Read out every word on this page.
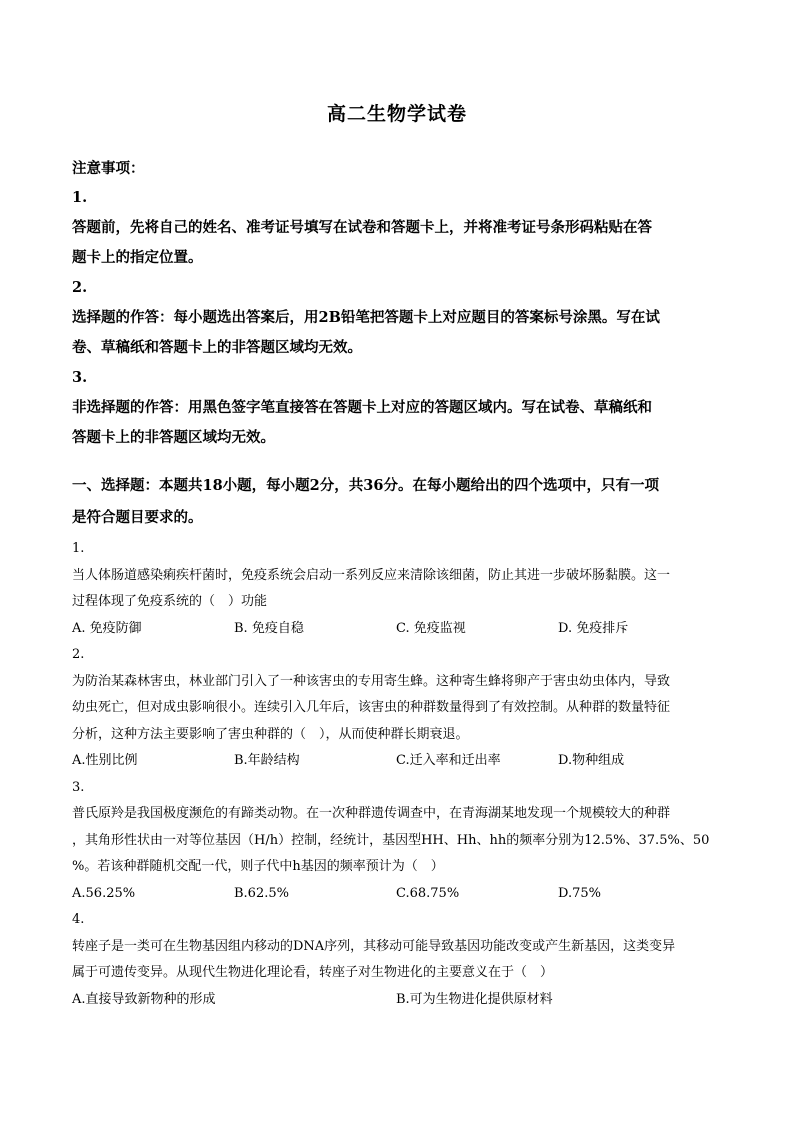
高二生物学试卷
注意事项：
1.
答题前，先将自己的姓名、准考证号填写在试卷和答题卡上，并将准考证号条形码粘贴在答
题卡上的指定位置。
2.
选择题的作答：每小题选出答案后，用2B铅笔把答题卡上对应题目的答案标号涂黑。写在试
卷、草稿纸和答题卡上的非答题区域均无效。
3.
非选择题的作答：用黑色签字笔直接答在答题卡上对应的答题区域内。写在试卷、草稿纸和
答题卡上的非答题区域均无效。
一、选择题：本题共18小题，每小题2分，共36分。在每小题给出的四个选项中，只有一项
是符合题目要求的。
1.
当人体肠道感染痢疾杆菌时，免疫系统会启动一系列反应来清除该细菌，防止其进一步破坏肠黏膜。这一
过程体现了免疫系统的（　）功能
A. 免疫防御	B. 免疫自稳	C. 免疫监视	D. 免疫排斥
2.
为防治某森林害虫，林业部门引入了一种该害虫的专用寄生蜂。这种寄生蜂将卵产于害虫幼虫体内，导致
幼虫死亡，但对成虫影响很小。连续引入几年后，该害虫的种群数量得到了有效控制。从种群的数量特征
分析，这种方法主要影响了害虫种群的（　），从而使种群长期衰退。
A.性别比例	B.年龄结构	C.迁入率和迁出率	D.物种组成
3.
普氏原羚是我国极度濒危的有蹄类动物。在一次种群遗传调查中，在青海湖某地发现一个规模较大的种群
，其角形性状由一对等位基因（H/h）控制，经统计，基因型HH、Hh、hh的频率分别为12.5%、37.5%、50
%。若该种群随机交配一代，则子代中h基因的频率预计为（　）
A.56.25%	B.62.5%	C.68.75%	D.75%
4.
转座子是一类可在生物基因组内移动的DNA序列，其移动可能导致基因功能改变或产生新基因，这类变异
属于可遗传变异。从现代生物进化理论看，转座子对生物进化的主要意义在于（　）
A.直接导致新物种的形成	B.可为生物进化提供原材料
